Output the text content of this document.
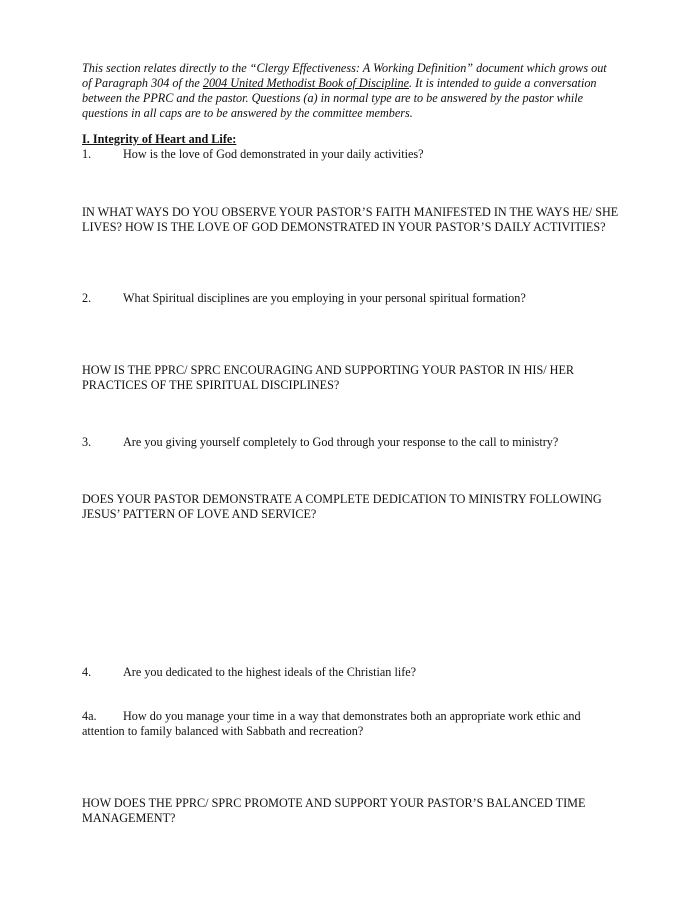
This section relates directly to the “Clergy Effectiveness: A Working Definition” document which grows out of Paragraph 304 of the 2004 United Methodist Book of Discipline. It is intended to guide a conversation between the PPRC and the pastor. Questions (a) in normal type are to be answered by the pastor while questions in all caps are to be answered by the committee members.

I. Integrity of Heart and Life:

1.	How is the love of God demonstrated in your daily activities?

IN WHAT WAYS DO YOU OBSERVE YOUR PASTOR’S FAITH MANIFESTED IN THE WAYS HE/ SHE LIVES? HOW IS THE LOVE OF GOD DEMONSTRATED IN YOUR PASTOR’S DAILY ACTIVITIES?

2.	What Spiritual disciplines are you employing in your personal spiritual formation?

HOW IS THE PPRC/ SPRC ENCOURAGING AND SUPPORTING YOUR PASTOR IN HIS/ HER PRACTICES OF THE SPIRITUAL DISCIPLINES?

3.	Are you giving yourself completely to God through your response to the call to ministry?

DOES YOUR PASTOR DEMONSTRATE A COMPLETE DEDICATION TO MINISTRY FOLLOWING JESUS’ PATTERN OF LOVE AND SERVICE?

4.	Are you dedicated to the highest ideals of the Christian life?

4a. How do you manage your time in a way that demonstrates both an appropriate work ethic and attention to family balanced with Sabbath and recreation?

HOW DOES THE PPRC/ SPRC PROMOTE AND SUPPORT YOUR PASTOR’S BALANCED TIME MANAGEMENT?
